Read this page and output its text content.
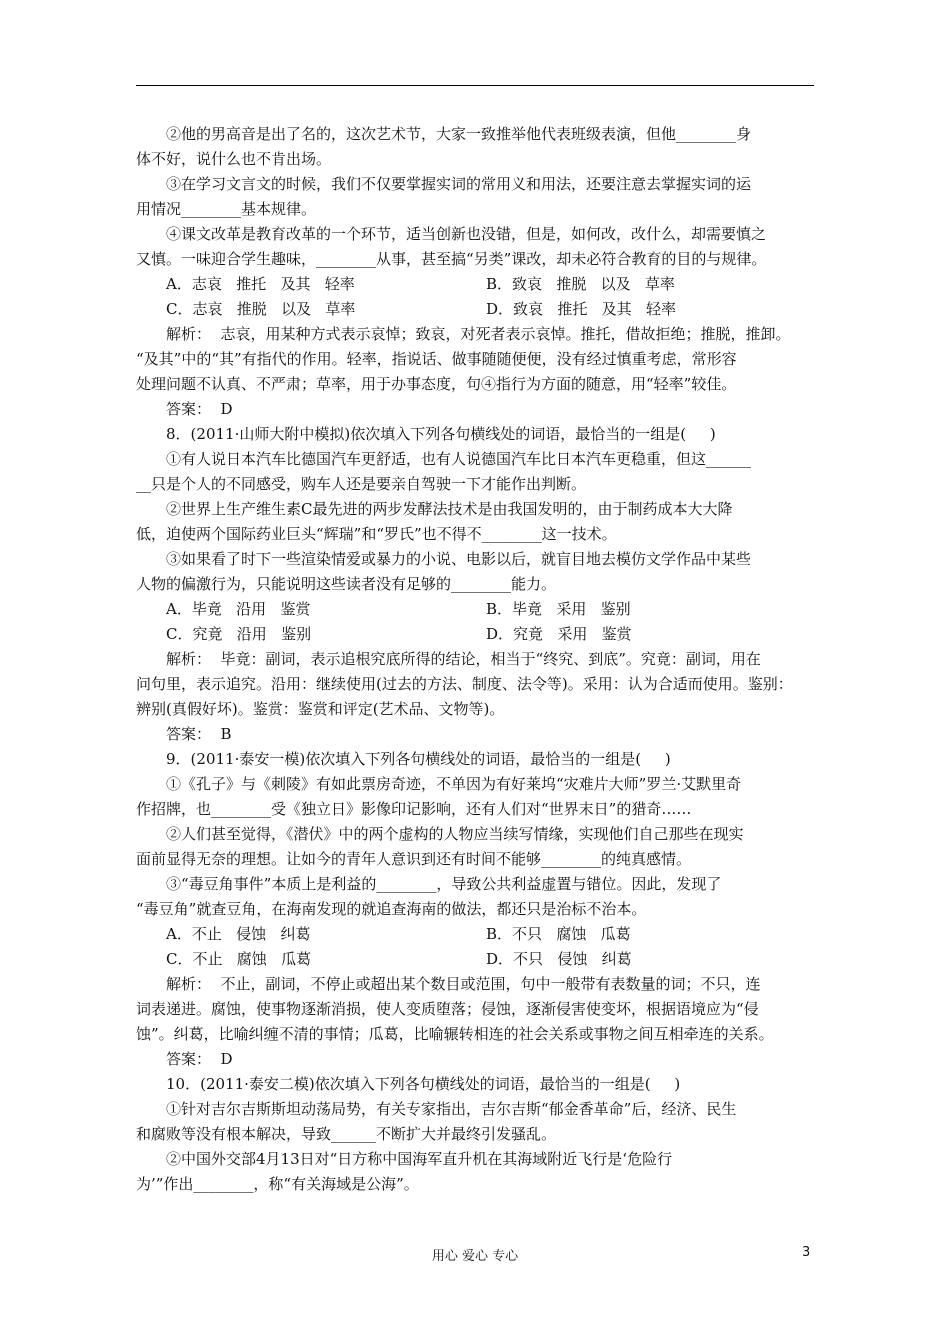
②他的男高音是出了名的，这次艺术节，大家一致推举他代表班级表演，但他________身
体不好，说什么也不肯出场。
③在学习文言文的时候，我们不仅要掌握实词的常用义和用法，还要注意去掌握实词的运
用情况________基本规律。
④课文改革是教育改革的一个环节，适当创新也没错，但是，如何改，改什么，却需要慎之
又慎。一味迎合学生趣味，________从事，甚至搞“另类”课改，却未必符合教育的目的与规律。
A．志哀   推托   及其   轻率	B．致哀   推脱   以及   草率
C．志哀   推脱   以及   草率	D．致哀   推托   及其   轻率
解析：  志哀，用某种方式表示哀悼；致哀，对死者表示哀悼。推托，借故拒绝；推脱，推卸。
“及其”中的“其”有指代的作用。轻率，指说话、做事随随便便，没有经过慎重考虑，常形容
处理问题不认真、不严肃；草率，用于办事态度，句④指行为方面的随意，用“轻率”较佳。
答案：  D
8．(2011·山师大附中模拟)依次填入下列各句横线处的词语，最恰当的一组是(     )
①有人说日本汽车比德国汽车更舒适，也有人说德国汽车比日本汽车更稳重，但这______
__只是个人的不同感受，购车人还是要亲自驾驶一下才能作出判断。
②世界上生产维生素C最先进的两步发酵法技术是由我国发明的，由于制药成本大大降
低，迫使两个国际药业巨头“辉瑞”和“罗氏”也不得不________这一技术。
③如果看了时下一些渲染情爱或暴力的小说、电影以后，就盲目地去模仿文学作品中某些
人物的偏激行为，只能说明这些读者没有足够的________能力。
A．毕竟   沿用   鉴赏	B．毕竟   采用   鉴别
C．究竟   沿用   鉴别	D．究竟   采用   鉴赏
解析：  毕竟：副词，表示追根究底所得的结论，相当于“终究、到底”。究竟：副词，用在
问句里，表示追究。沿用：继续使用(过去的方法、制度、法令等)。采用：认为合适而使用。鉴别：
辨别(真假好坏)。鉴赏：鉴赏和评定(艺术品、文物等)。
答案：  B
9．(2011·泰安一模)依次填入下列各句横线处的词语，最恰当的一组是(     )
①《孔子》与《刺陵》有如此票房奇迹，不单因为有好莱坞“灾难片大师”罗兰·艾默里奇
作招牌，也________受《独立日》影像印记影响，还有人们对“世界末日”的猎奇……
②人们甚至觉得，《潜伏》中的两个虚构的人物应当续写情缘，实现他们自己那些在现实
面前显得无奈的理想。让如今的青年人意识到还有时间不能够________的纯真感情。
③“毒豆角事件”本质上是利益的________，导致公共利益虚置与错位。因此，发现了
“毒豆角”就查豆角，在海南发现的就追查海南的做法，都还只是治标不治本。
A．不止   侵蚀   纠葛	B．不只   腐蚀   瓜葛
C．不止   腐蚀   瓜葛	D．不只   侵蚀   纠葛
解析：  不止，副词，不停止或超出某个数目或范围，句中一般带有表数量的词；不只，连
词表递进。腐蚀，使事物逐渐消损，使人变质堕落；侵蚀，逐渐侵害使变坏，根据语境应为“侵
蚀”。纠葛，比喻纠缠不清的事情；瓜葛，比喻辗转相连的社会关系或事物之间互相牵连的关系。
答案：  D
10．(2011·泰安二模)依次填入下列各句横线处的词语，最恰当的一组是(     )
①针对吉尔吉斯斯坦动荡局势，有关专家指出，吉尔吉斯“郁金香革命”后，经济、民生
和腐败等没有根本解决，导致______不断扩大并最终引发骚乱。
②中国外交部4月13日对“日方称中国海军直升机在其海域附近飞行是‘危险行
为’”作出________，称“有关海域是公海”。
用心 爱心 专心	3
